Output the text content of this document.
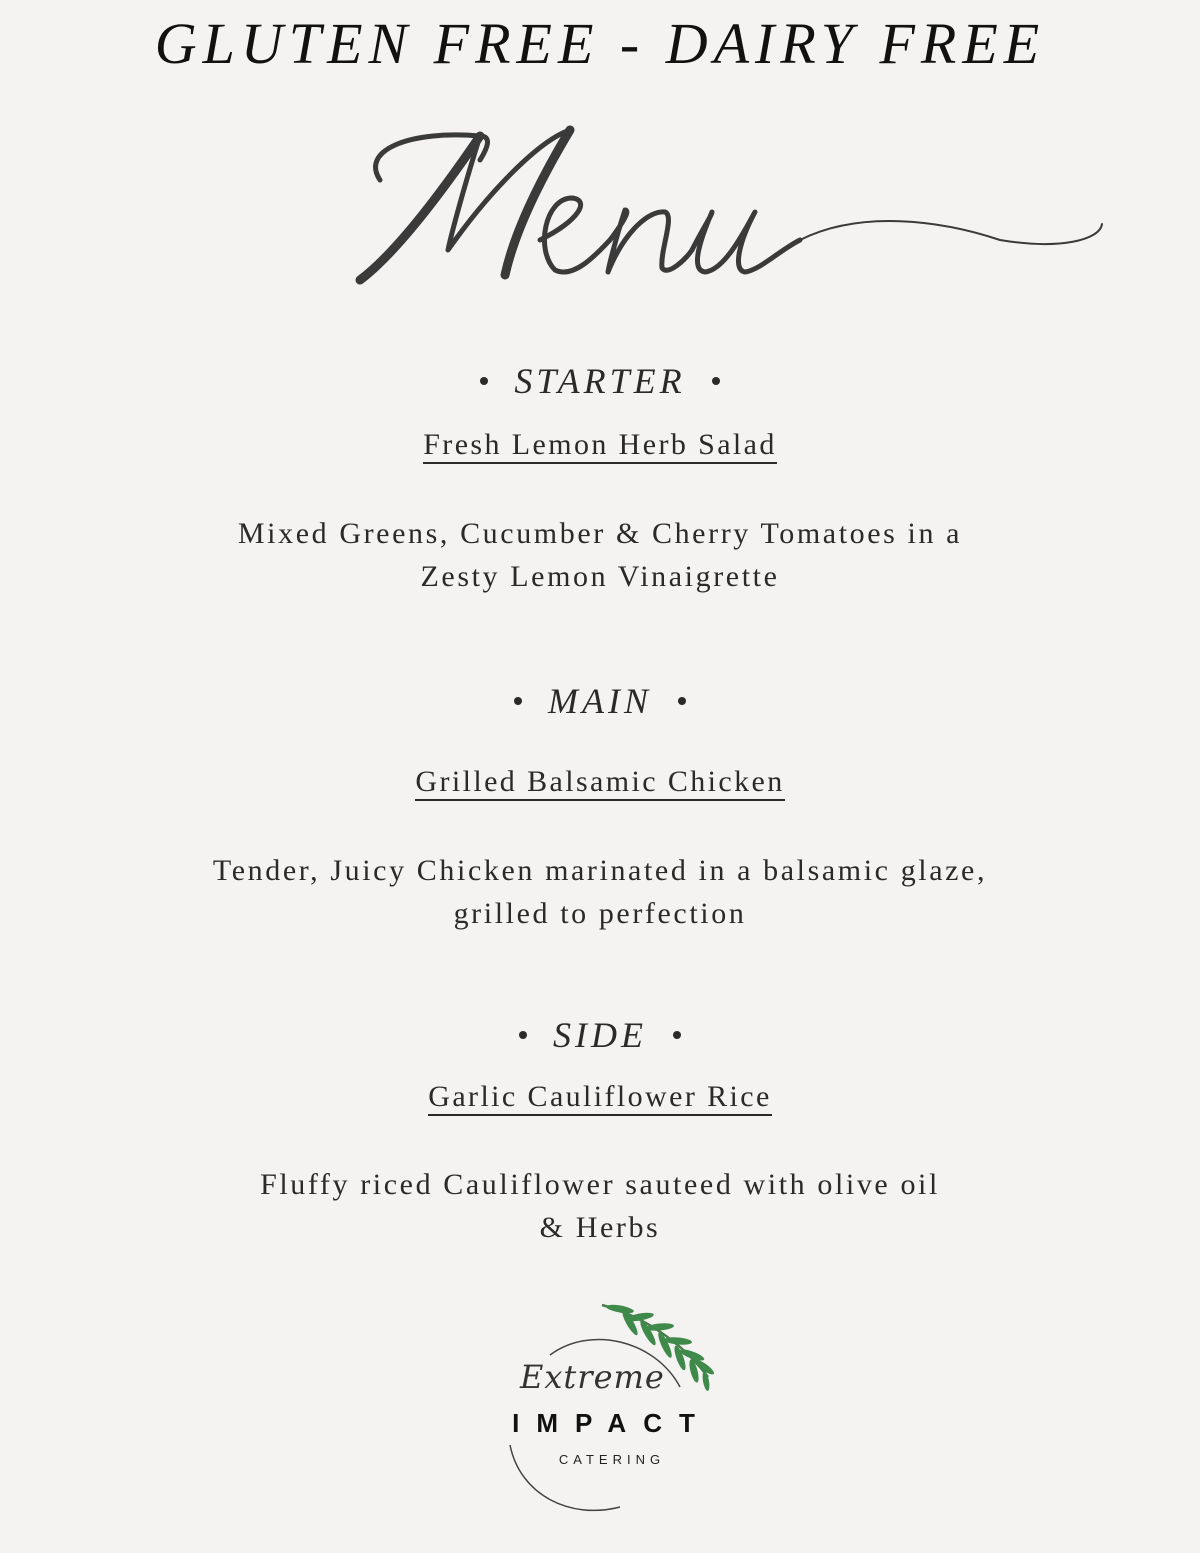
GLUTEN FREE - DAIRY FREE
STARTER
Fresh Lemon Herb Salad
Mixed Greens, Cucumber & Cherry Tomatoes in a
Zesty Lemon Vinaigrette
MAIN
Grilled Balsamic Chicken
Tender, Juicy Chicken marinated in a balsamic glaze,
grilled to perfection
SIDE
Garlic Cauliflower Rice
Fluffy riced Cauliflower sauteed with olive oil
& Herbs
Extreme
IMPACT
CATERING
